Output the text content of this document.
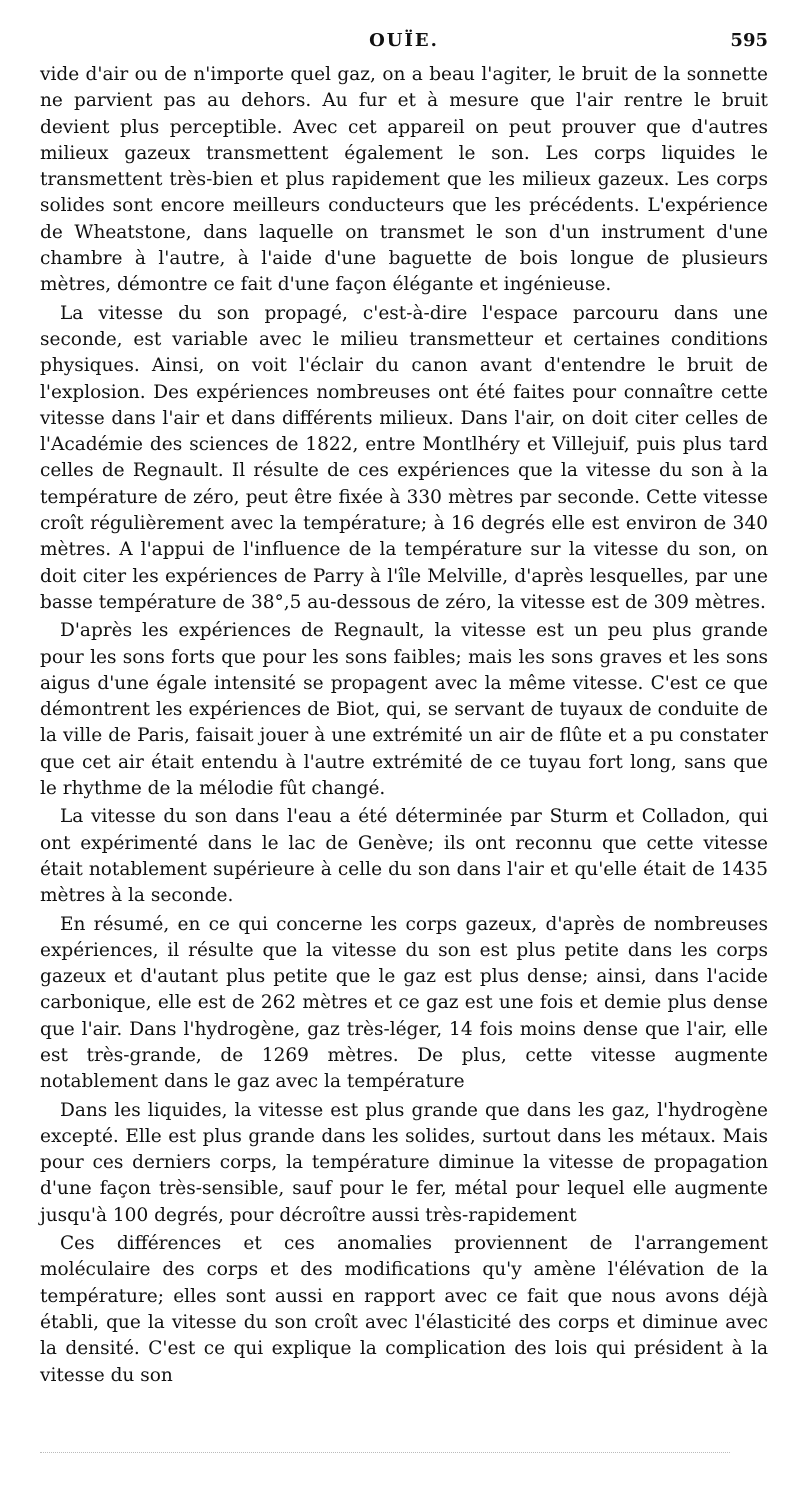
OUÏE.	595

vide d'air ou de n'importe quel gaz, on a beau l'agiter, le bruit de la sonnette ne parvient pas au dehors. Au fur et à mesure que l'air rentre le bruit devient plus perceptible. Avec cet appareil on peut prouver que d'autres milieux gazeux transmettent également le son. Les corps liquides le transmettent très-bien et plus rapidement que les milieux gazeux. Les corps solides sont encore meilleurs conducteurs que les précédents. L'expérience de Wheatstone, dans laquelle on transmet le son d'un instrument d'une chambre à l'autre, à l'aide d'une baguette de bois longue de plusieurs mètres, démontre ce fait d'une façon élégante et ingénieuse.

La vitesse du son propagé, c'est-à-dire l'espace parcouru dans une seconde, est variable avec le milieu transmetteur et certaines conditions physiques. Ainsi, on voit l'éclair du canon avant d'entendre le bruit de l'explosion. Des expériences nombreuses ont été faites pour connaître cette vitesse dans l'air et dans différents milieux. Dans l'air, on doit citer celles de l'Académie des sciences de 1822, entre Montlhéry et Villejuif, puis plus tard celles de Regnault. Il résulte de ces expériences que la vitesse du son à la température de zéro, peut être fixée à 330 mètres par seconde. Cette vitesse croît régulièrement avec la température; à 16 degrés elle est environ de 340 mètres. A l'appui de l'influence de la température sur la vitesse du son, on doit citer les expériences de Parry à l'île Melville, d'après lesquelles, par une basse température de 38°,5 au-dessous de zéro, la vitesse est de 309 mètres.

D'après les expériences de Regnault, la vitesse est un peu plus grande pour les sons forts que pour les sons faibles; mais les sons graves et les sons aigus d'une égale intensité se propagent avec la même vitesse. C'est ce que démontrent les expériences de Biot, qui, se servant de tuyaux de conduite de la ville de Paris, faisait jouer à une extrémité un air de flûte et a pu constater que cet air était entendu à l'autre extrémité de ce tuyau fort long, sans que le rhythme de la mélodie fût changé.

La vitesse du son dans l'eau a été déterminée par Sturm et Colladon, qui ont expérimenté dans le lac de Genève; ils ont reconnu que cette vitesse était notablement supérieure à celle du son dans l'air et qu'elle était de 1435 mètres à la seconde.

En résumé, en ce qui concerne les corps gazeux, d'après de nombreuses expériences, il résulte que la vitesse du son est plus petite dans les corps gazeux et d'autant plus petite que le gaz est plus dense; ainsi, dans l'acide carbonique, elle est de 262 mètres et ce gaz est une fois et demie plus dense que l'air. Dans l'hydrogène, gaz très-léger, 14 fois moins dense que l'air, elle est très-grande, de 1269 mètres. De plus, cette vitesse augmente notablement dans le gaz avec la température

Dans les liquides, la vitesse est plus grande que dans les gaz, l'hydrogène excepté. Elle est plus grande dans les solides, surtout dans les métaux. Mais pour ces derniers corps, la température diminue la vitesse de propagation d'une façon très-sensible, sauf pour le fer, métal pour lequel elle augmente jusqu'à 100 degrés, pour décroître aussi très-rapidement

Ces différences et ces anomalies proviennent de l'arrangement moléculaire des corps et des modifications qu'y amène l'élévation de la température; elles sont aussi en rapport avec ce fait que nous avons déjà établi, que la vitesse du son croît avec l'élasticité des corps et diminue avec la densité. C'est ce qui explique la complication des lois qui président à la vitesse du son
